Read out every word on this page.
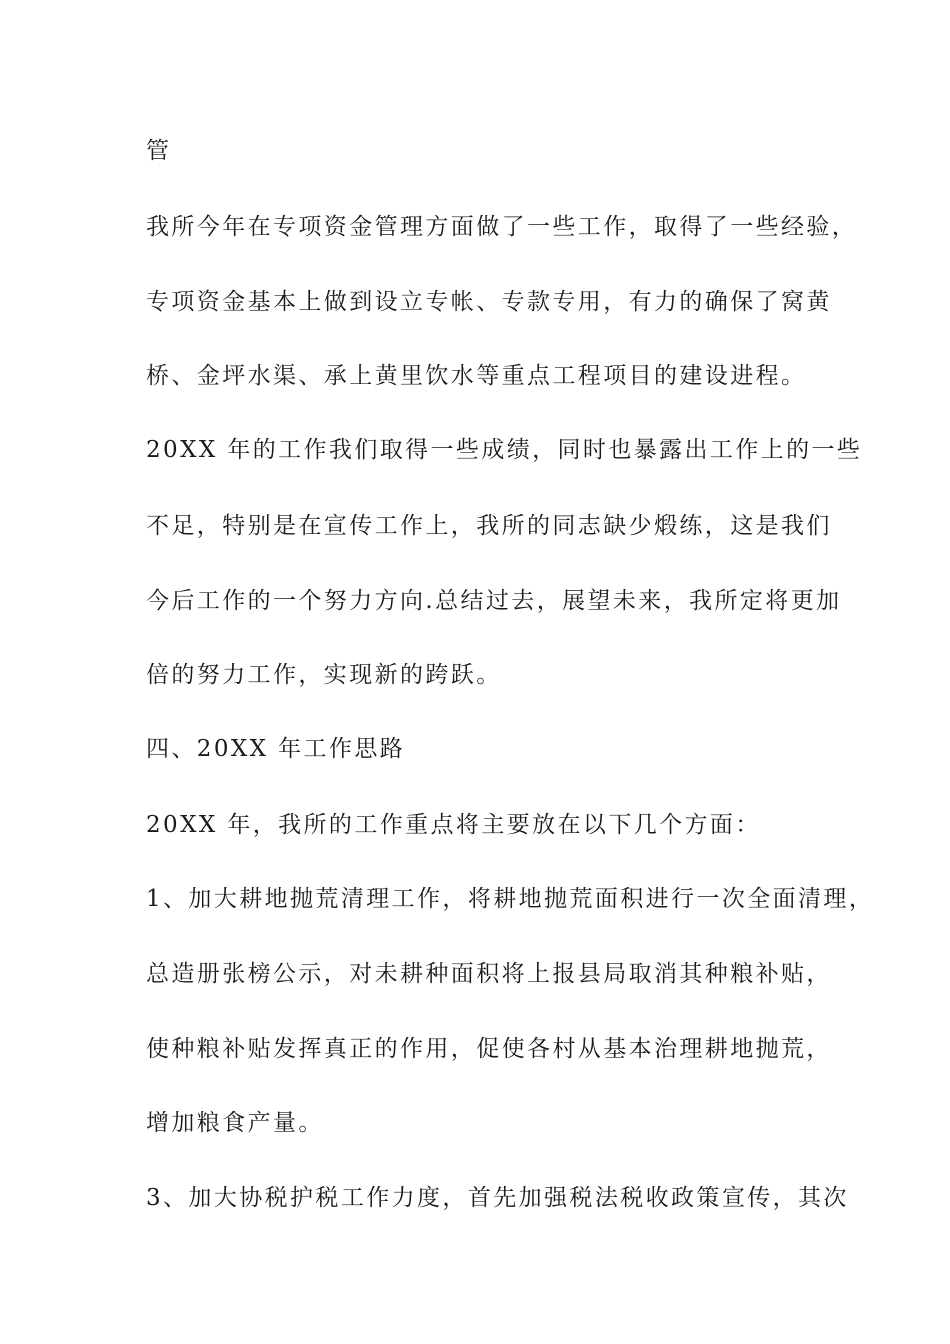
管

我所今年在专项资金管理方面做了一些工作，取得了一些经验，

专项资金基本上做到设立专帐、专款专用，有力的确保了窝黄

桥、金坪水渠、承上黄里饮水等重点工程项目的建设进程。

20XX 年的工作我们取得一些成绩，同时也暴露出工作上的一些

不足，特别是在宣传工作上，我所的同志缺少煅练，这是我们

今后工作的一个努力方向.总结过去，展望未来，我所定将更加

倍的努力工作，实现新的跨跃。

四、20XX 年工作思路

20XX 年，我所的工作重点将主要放在以下几个方面：

1、加大耕地抛荒清理工作，将耕地抛荒面积进行一次全面清理，

总造册张榜公示，对未耕种面积将上报县局取消其种粮补贴，

使种粮补贴发挥真正的作用，促使各村从基本治理耕地抛荒，

增加粮食产量。

3、加大协税护税工作力度，首先加强税法税收政策宣传，其次
